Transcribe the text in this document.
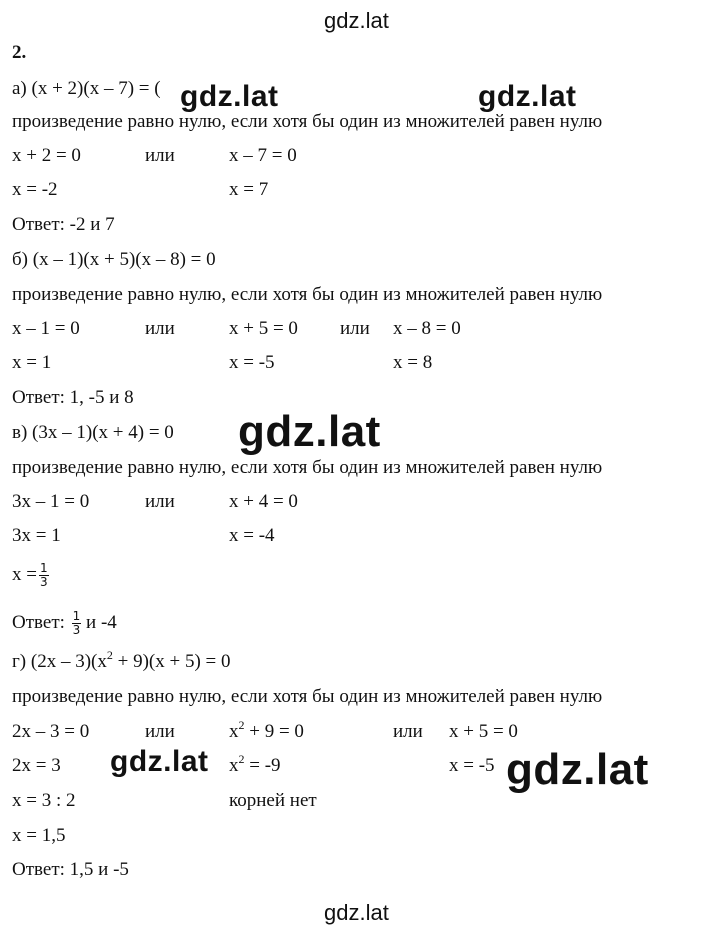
gdz.lat
2.
а) (x + 2)(x – 7) = ( gdz.lat	gdz.lat
произведение равно нулю, если хотя бы один из множителей равен нулю
x + 2 = 0	или	x – 7 = 0
x = -2	x = 7
Ответ: -2 и 7
б) (x – 1)(x + 5)(x – 8) = 0
произведение равно нулю, если хотя бы один из множителей равен нулю
x – 1 = 0	или	x + 5 = 0 или x – 8 = 0
x = 1	x = -5	x = 8
Ответ: 1, -5 и 8
в) (3x – 1)(x + 4) = 0 gdz.lat
произведение равно нулю, если хотя бы один из множителей равен нулю
3x – 1 = 0	или	x + 4 = 0
3x = 1	x = -4
$x = \frac{1}{3}$
Ответ: $\frac{1}{3}$ и -4
г) $(2x - 3)(x^2 + 9)(x + 5) = 0$
произведение равно нулю, если хотя бы один из множителей равен нулю
2x – 3 = 0	или	$x^2 + 9 = 0$	или x + 5 = 0
2x = 3 gdz.lat $x^2 = -9$	x = -5 gdz.lat
x = 3 : 2	корней нет
x = 1,5
Ответ: 1,5 и -5
gdz.lat
